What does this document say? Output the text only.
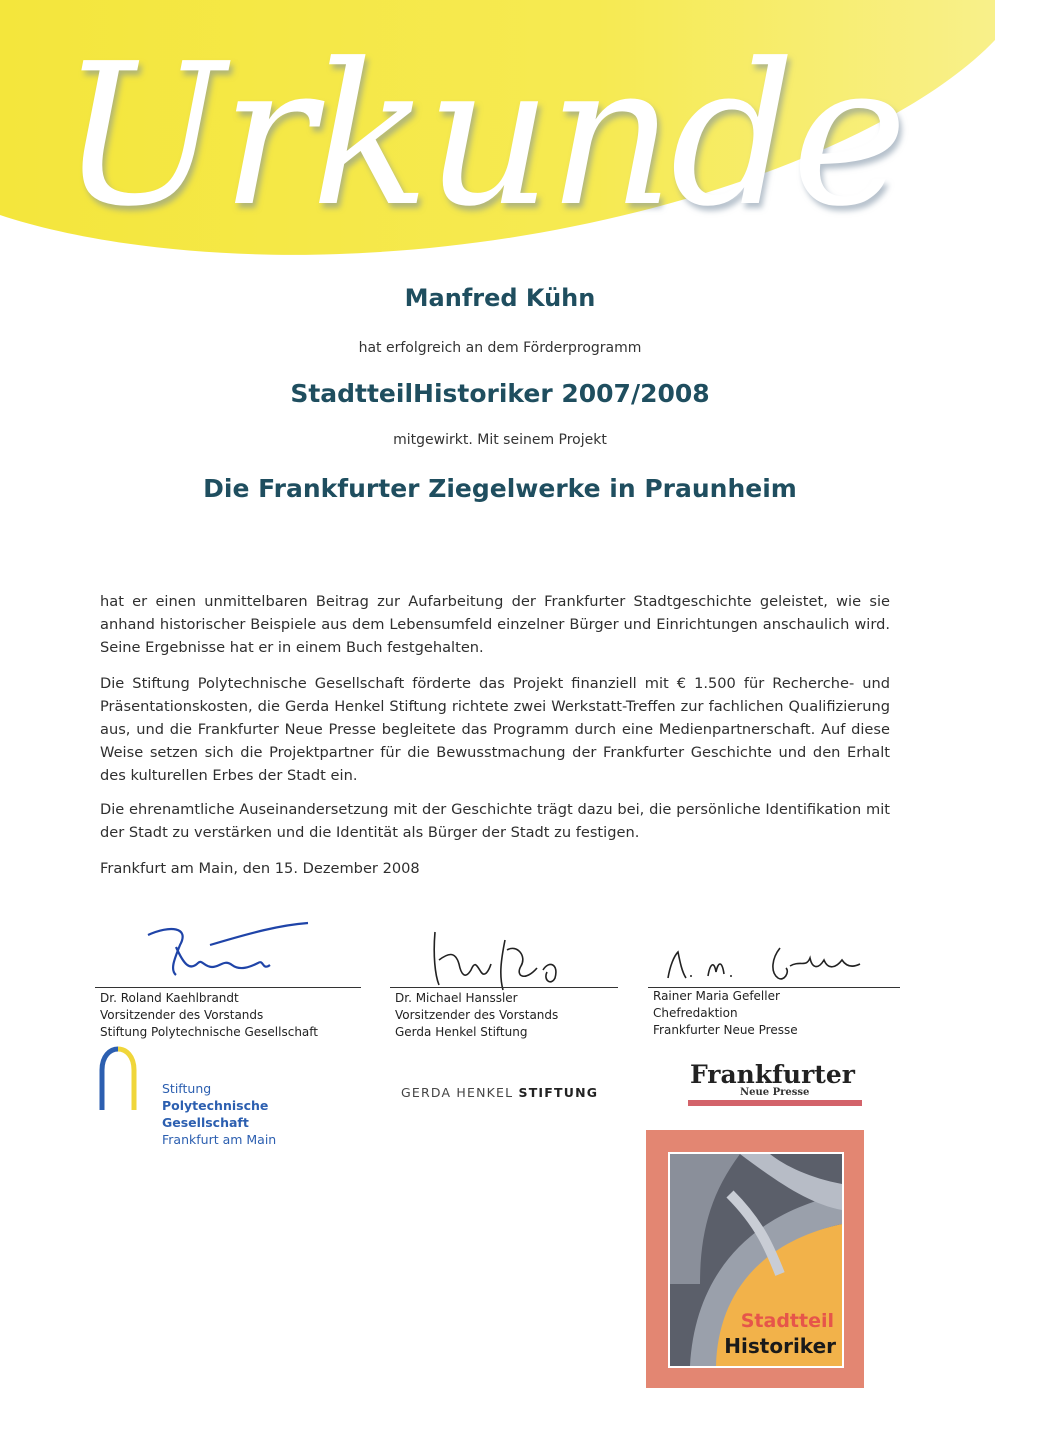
Urkunde
Manfred Kühn
hat erfolgreich an dem Förderprogramm
StadtteilHistoriker 2007/2008
mitgewirkt. Mit seinem Projekt
Die Frankfurter Ziegelwerke in Praunheim
hat er einen unmittelbaren Beitrag zur Aufarbeitung der Frankfurter Stadtgeschichte geleistet, wie sie anhand historischer Beispiele aus dem Lebensumfeld einzelner Bürger und Einrichtungen anschaulich wird. Seine Ergebnisse hat er in einem Buch festgehalten.
Die Stiftung Polytechnische Gesellschaft förderte das Projekt finanziell mit € 1.500 für Recherche- und Präsentationskosten, die Gerda Henkel Stiftung richtete zwei Werkstatt-Treffen zur fachlichen Qualifizierung aus, und die Frankfurter Neue Presse begleitete das Programm durch eine Medienpartnerschaft. Auf diese Weise setzen sich die Projektpartner für die Bewusstmachung der Frankfurter Geschichte und den Erhalt des kulturellen Erbes der Stadt ein.
Die ehrenamtliche Auseinandersetzung mit der Geschichte trägt dazu bei, die persönliche Identifikation mit der Stadt zu verstärken und die Identität als Bürger der Stadt zu festigen.
Frankfurt am Main, den 15. Dezember 2008
Dr. Roland Kaehlbrandt
Vorsitzender des Vorstands
Stiftung Polytechnische Gesellschaft
Dr. Michael Hanssler
Vorsitzender des Vorstands
Gerda Henkel Stiftung
Rainer Maria Gefeller
Chefredaktion
Frankfurter Neue Presse
Stiftung
Polytechnische
Gesellschaft
Frankfurt am Main
GERDA HENKEL STIFTUNG
Frankfurter
Neue Presse
Stadtteil
Historiker
